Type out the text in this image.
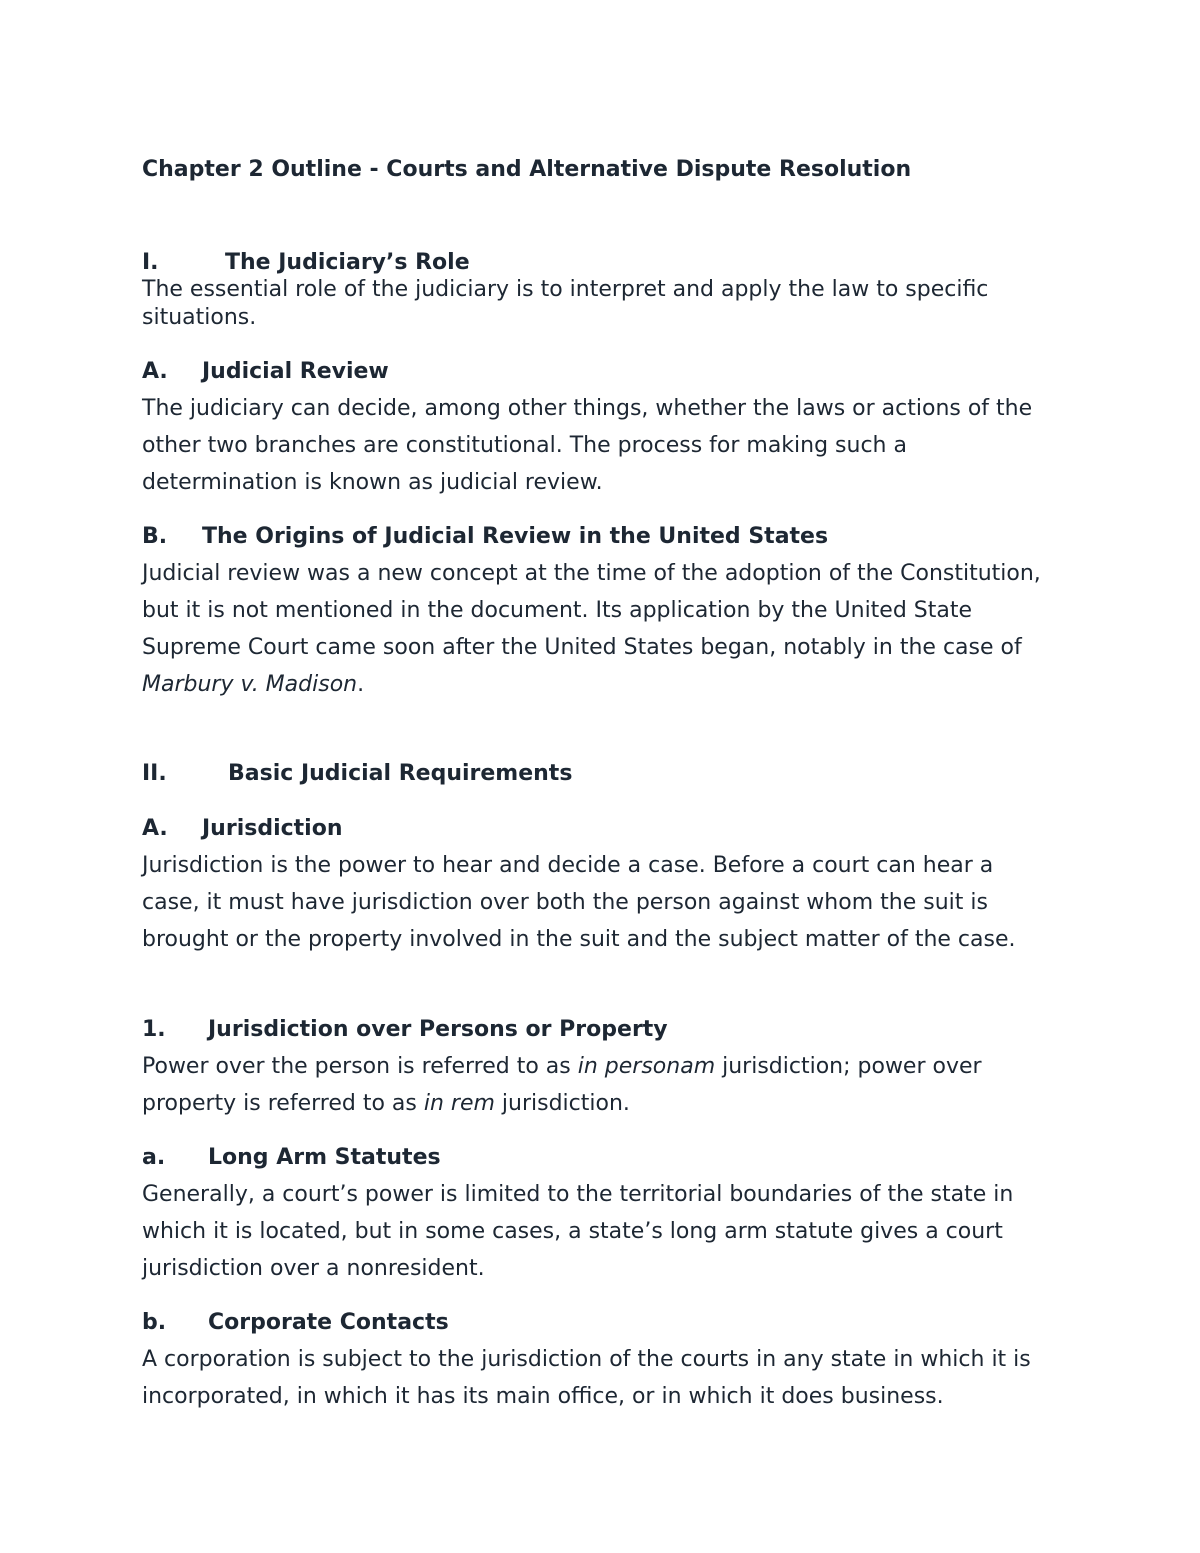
Chapter 2 Outline - Courts and Alternative Dispute Resolution
I.	The Judiciary’s Role

The essential role of the judiciary is to interpret and apply the law to specific situations.

A. Judicial Review

The judiciary can decide, among other things, whether the laws or actions of the other two branches are constitutional. The process for making such a determination is known as judicial review.

B. The Origins of Judicial Review in the United States

Judicial review was a new concept at the time of the adoption of the Constitution, but it is not mentioned in the document. Its application by the United State Supreme Court came soon after the United States began, notably in the case of Marbury v. Madison.

II.	Basic Judicial Requirements
A. Jurisdiction

Jurisdiction is the power to hear and decide a case. Before a court can hear a case, it must have jurisdiction over both the person against whom the suit is brought or the property involved in the suit and the subject matter of the case.

1. Jurisdiction over Persons or Property

Power over the person is referred to as in personam jurisdiction; power over property is referred to as in rem jurisdiction.

a. Long Arm Statutes

Generally, a court’s power is limited to the territorial boundaries of the state in which it is located, but in some cases, a state’s long arm statute gives a court jurisdiction over a nonresident.

b. Corporate Contacts

A corporation is subject to the jurisdiction of the courts in any state in which it is incorporated, in which it has its main office, or in which it does business.
